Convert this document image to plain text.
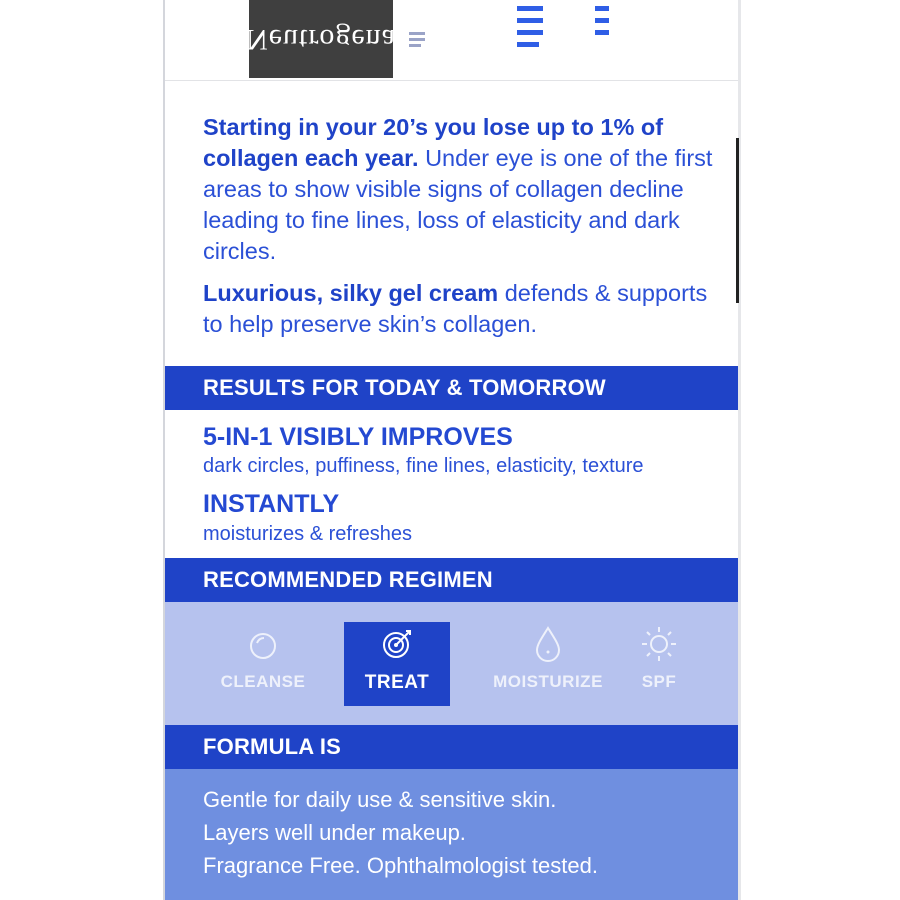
Neutrogena
Starting in your 20’s you lose up to 1% of collagen each year. Under eye is one of the first areas to show visible signs of collagen decline leading to fine lines, loss of elasticity and dark circles.
Luxurious, silky gel cream defends & supports to help preserve skin’s collagen.
RESULTS FOR TODAY & TOMORROW
5-IN-1 VISIBLY IMPROVES
dark circles, puffiness, fine lines, elasticity, texture
INSTANTLY
moisturizes & refreshes
RECOMMENDED REGIMEN
CLEANSE	TREAT	MOISTURIZE	SPF
FORMULA IS
Gentle for daily use & sensitive skin.
Layers well under makeup.
Fragrance Free. Ophthalmologist tested.
